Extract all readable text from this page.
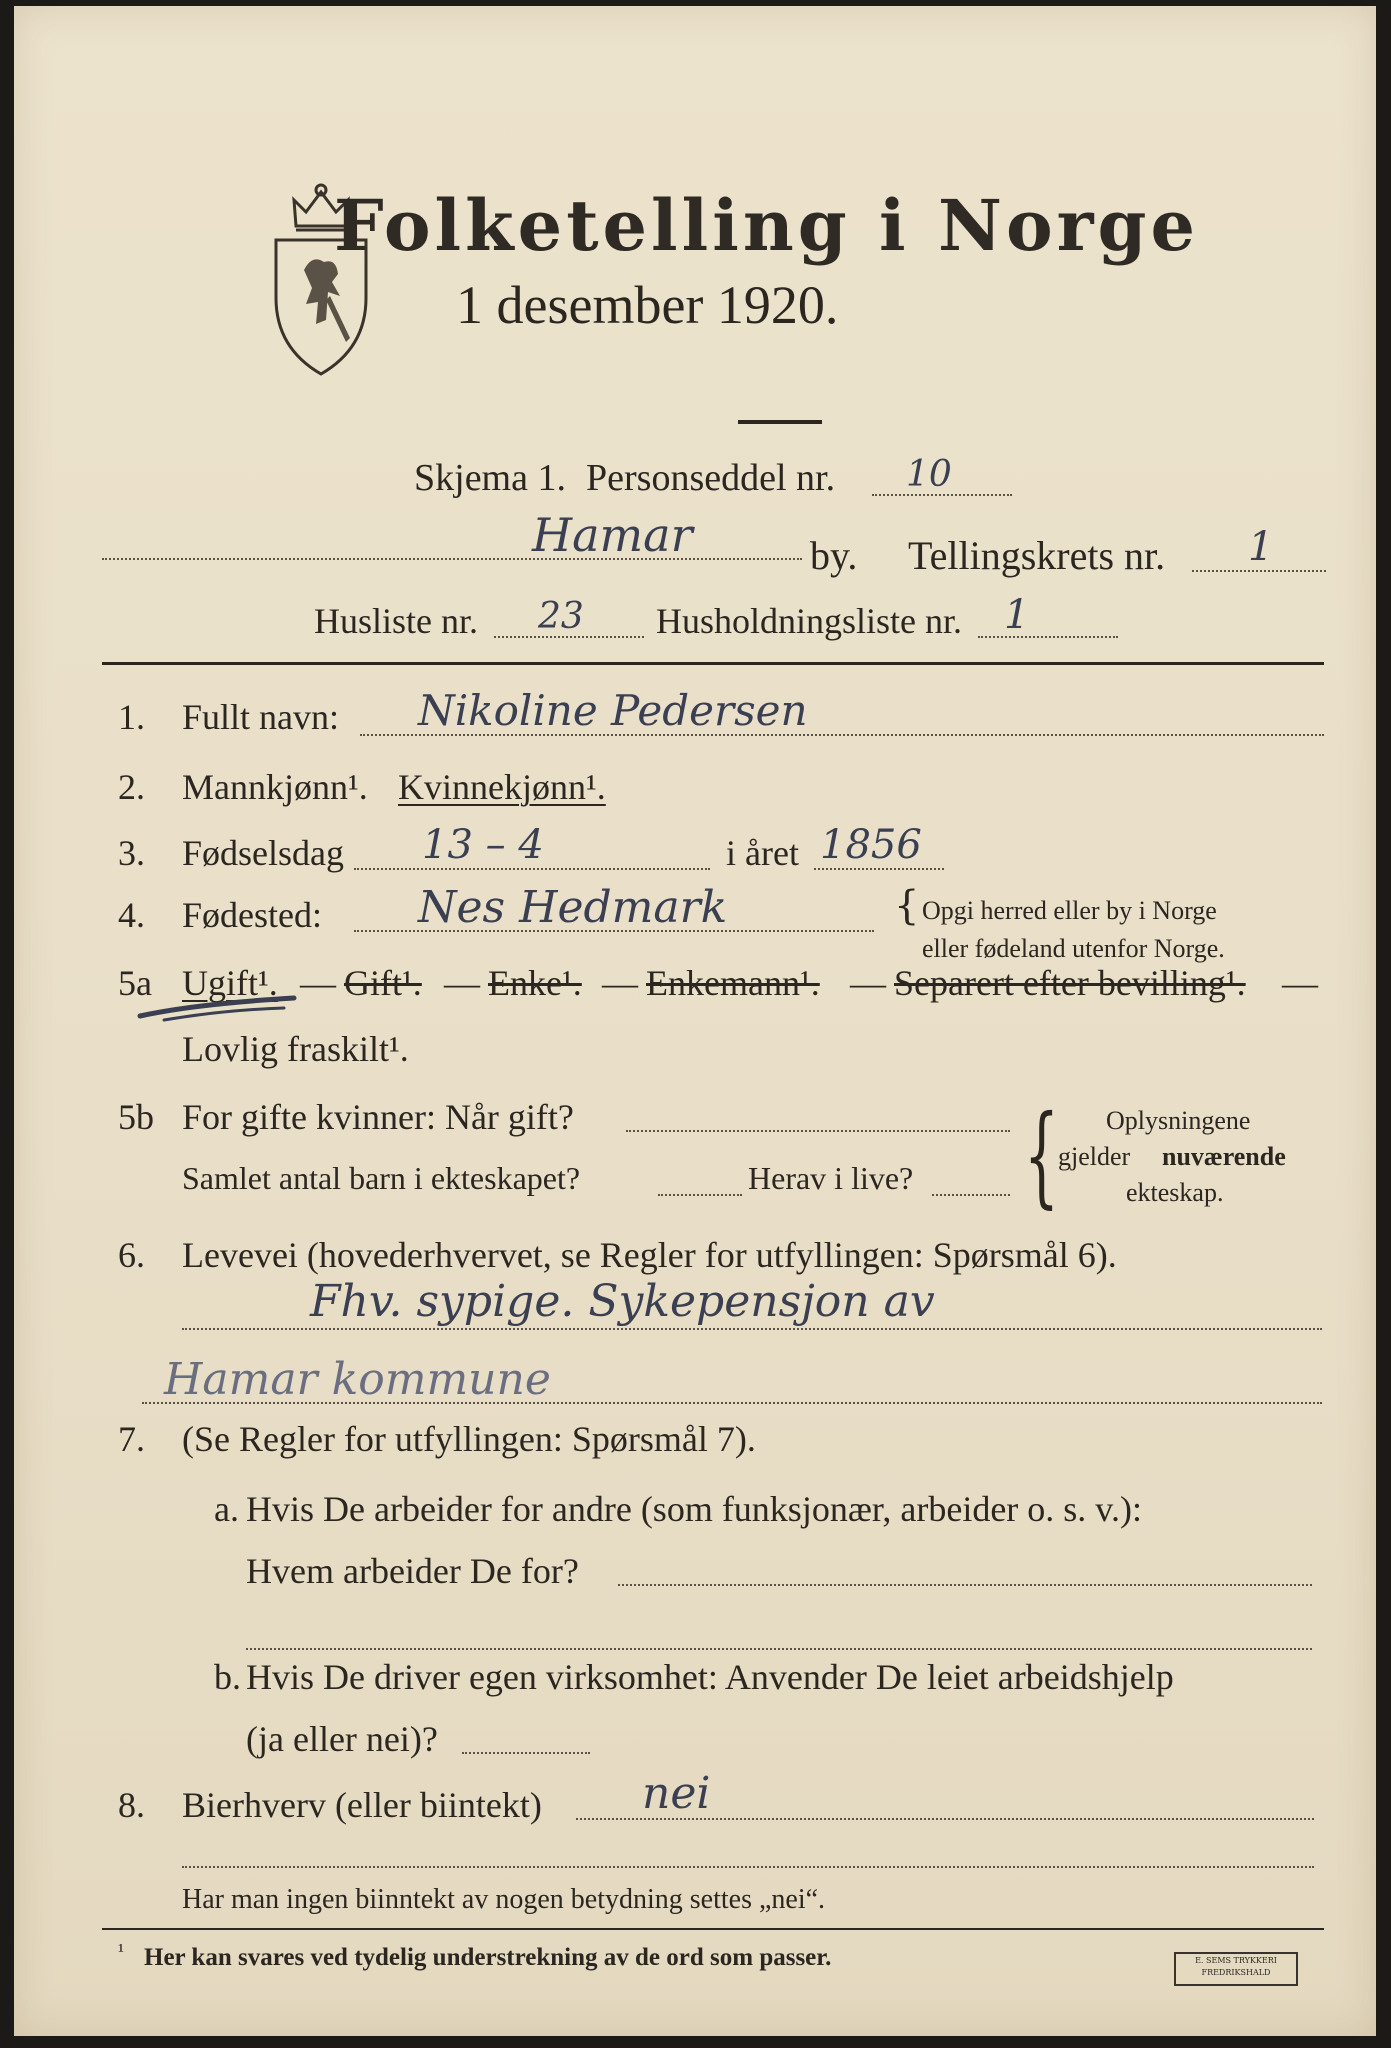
Folketelling i Norge
1 desember 1920.
Skjema 1. Personseddel nr. 10
Hamar	by. Tellingskrets nr. 1
Husliste nr. 23 Husholdningsliste nr. 1
1. Fullt navn: Nikoline Pedersen
2. Mannkjønn¹. Kvinnekjønn¹.
3. Fødselsdag 13 – 4	i året 1856
4. Fødested: Nes Hedmark	{ Opgi herred eller by i Norge
eller fødeland utenfor Norge.
5a Ugift¹. — Gift¹. — Enke¹. — Enkemann¹. — Separert efter bevilling¹. —
Lovlig fraskilt¹.
5b For gifte kvinner: Når gift?
Samlet antal barn i ekteskapet?	Herav i live? { Oplysningene
gjelder nuværende
ekteskap.
6. Levevei (hovederhvervet, se Regler for utfyllingen: Spørsmål 6).
Fhv. sypige. Sykepensjon av
Hamar kommune
7. (Se Regler for utfyllingen: Spørsmål 7).
a. Hvis De arbeider for andre (som funksjonær, arbeider o. s. v.):
Hvem arbeider De for?
b. Hvis De driver egen virksomhet: Anvender De leiet arbeidshjelp
(ja eller nei)?
8. Bierhverv (eller biintekt) nei
Har man ingen biinntekt av nogen betydning settes „nei“.
¹ Her kan svares ved tydelig understrekning av de ord som passer.	E. SEMS TRYKKERI
FREDRIKSHALD
